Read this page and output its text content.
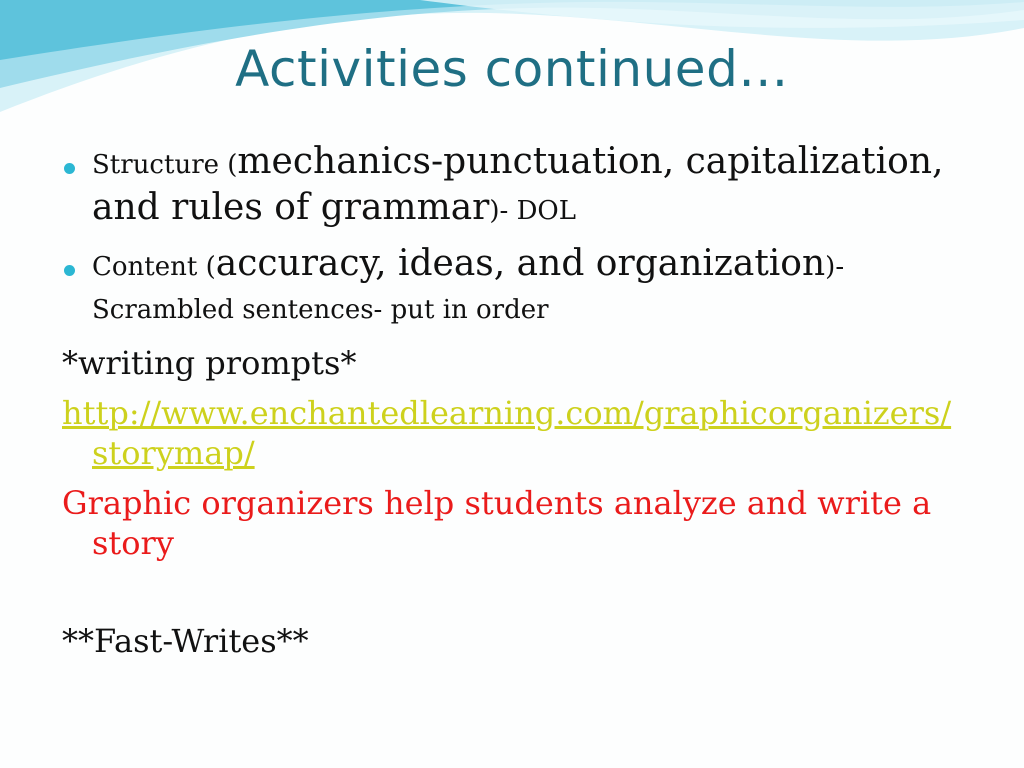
Activities continued…
Structure (mechanics-punctuation, capitalization, and rules of grammar)- DOL
Content (accuracy, ideas, and organization)- Scrambled sentences- put in order
*writing prompts*
http://www.enchantedlearning.com/graphicorganizers/storymap/
Graphic organizers help students analyze and write a story
**Fast-Writes**
